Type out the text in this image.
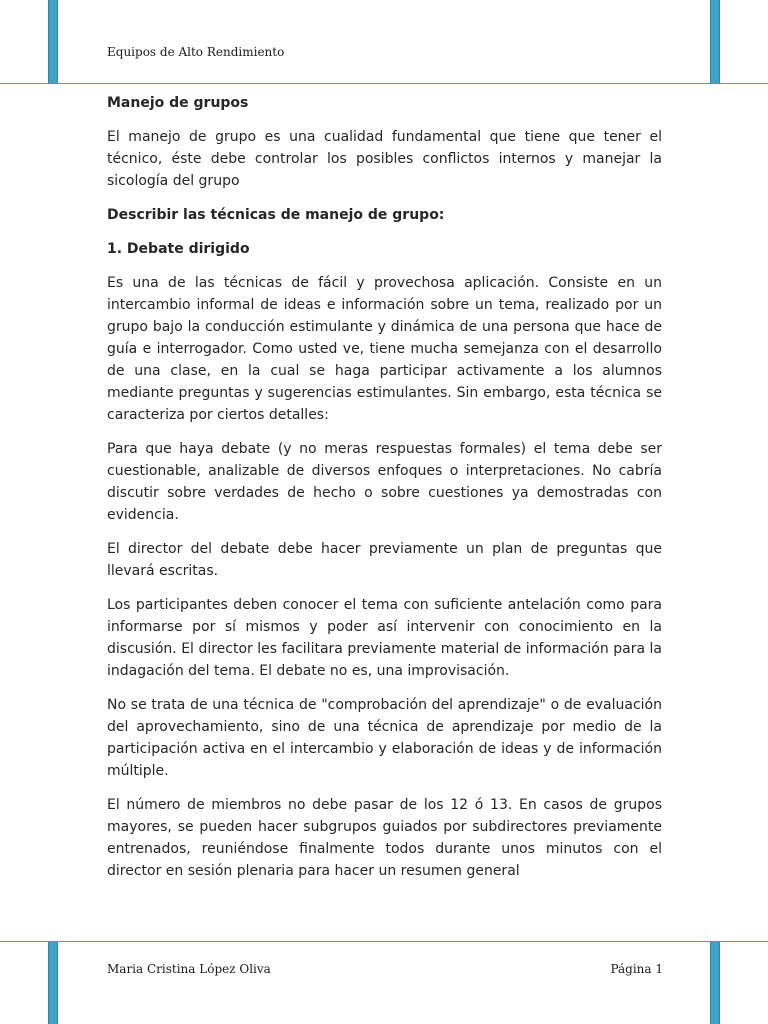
Equipos de Alto Rendimiento

Manejo de grupos

El manejo de grupo es una cualidad fundamental que tiene que tener el técnico, éste debe controlar los posibles conflictos internos y manejar la sicología del grupo

Describir las técnicas de manejo de grupo:

1. Debate dirigido

Es una de las técnicas de fácil y provechosa aplicación. Consiste en un intercambio informal de ideas e información sobre un tema, realizado por un grupo bajo la conducción estimulante y dinámica de una persona que hace de guía e interrogador. Como usted ve, tiene mucha semejanza con el desarrollo de una clase, en la cual se haga participar activamente a los alumnos mediante preguntas y sugerencias estimulantes. Sin embargo, esta técnica se caracteriza por ciertos detalles:

Para que haya debate (y no meras respuestas formales) el tema debe ser cuestionable, analizable de diversos enfoques o interpretaciones. No cabría discutir sobre verdades de hecho o sobre cuestiones ya demostradas con evidencia.

El director del debate debe hacer previamente un plan de preguntas que llevará escritas.

Los participantes deben conocer el tema con suficiente antelación como para informarse por sí mismos y poder así intervenir con conocimiento en la discusión. El director les facilitara previamente material de información para la indagación del tema. El debate no es, una improvisación.

No se trata de una técnica de "comprobación del aprendizaje" o de evaluación del aprovechamiento, sino de una técnica de aprendizaje por medio de la participación activa en el intercambio y elaboración de ideas y de información múltiple.

El número de miembros no debe pasar de los 12 ó 13. En casos de grupos mayores, se pueden hacer subgrupos guiados por subdirectores previamente entrenados, reuniéndose finalmente todos durante unos minutos con el director en sesión plenaria para hacer un resumen general

Maria Cristina López Oliva	Página 1
